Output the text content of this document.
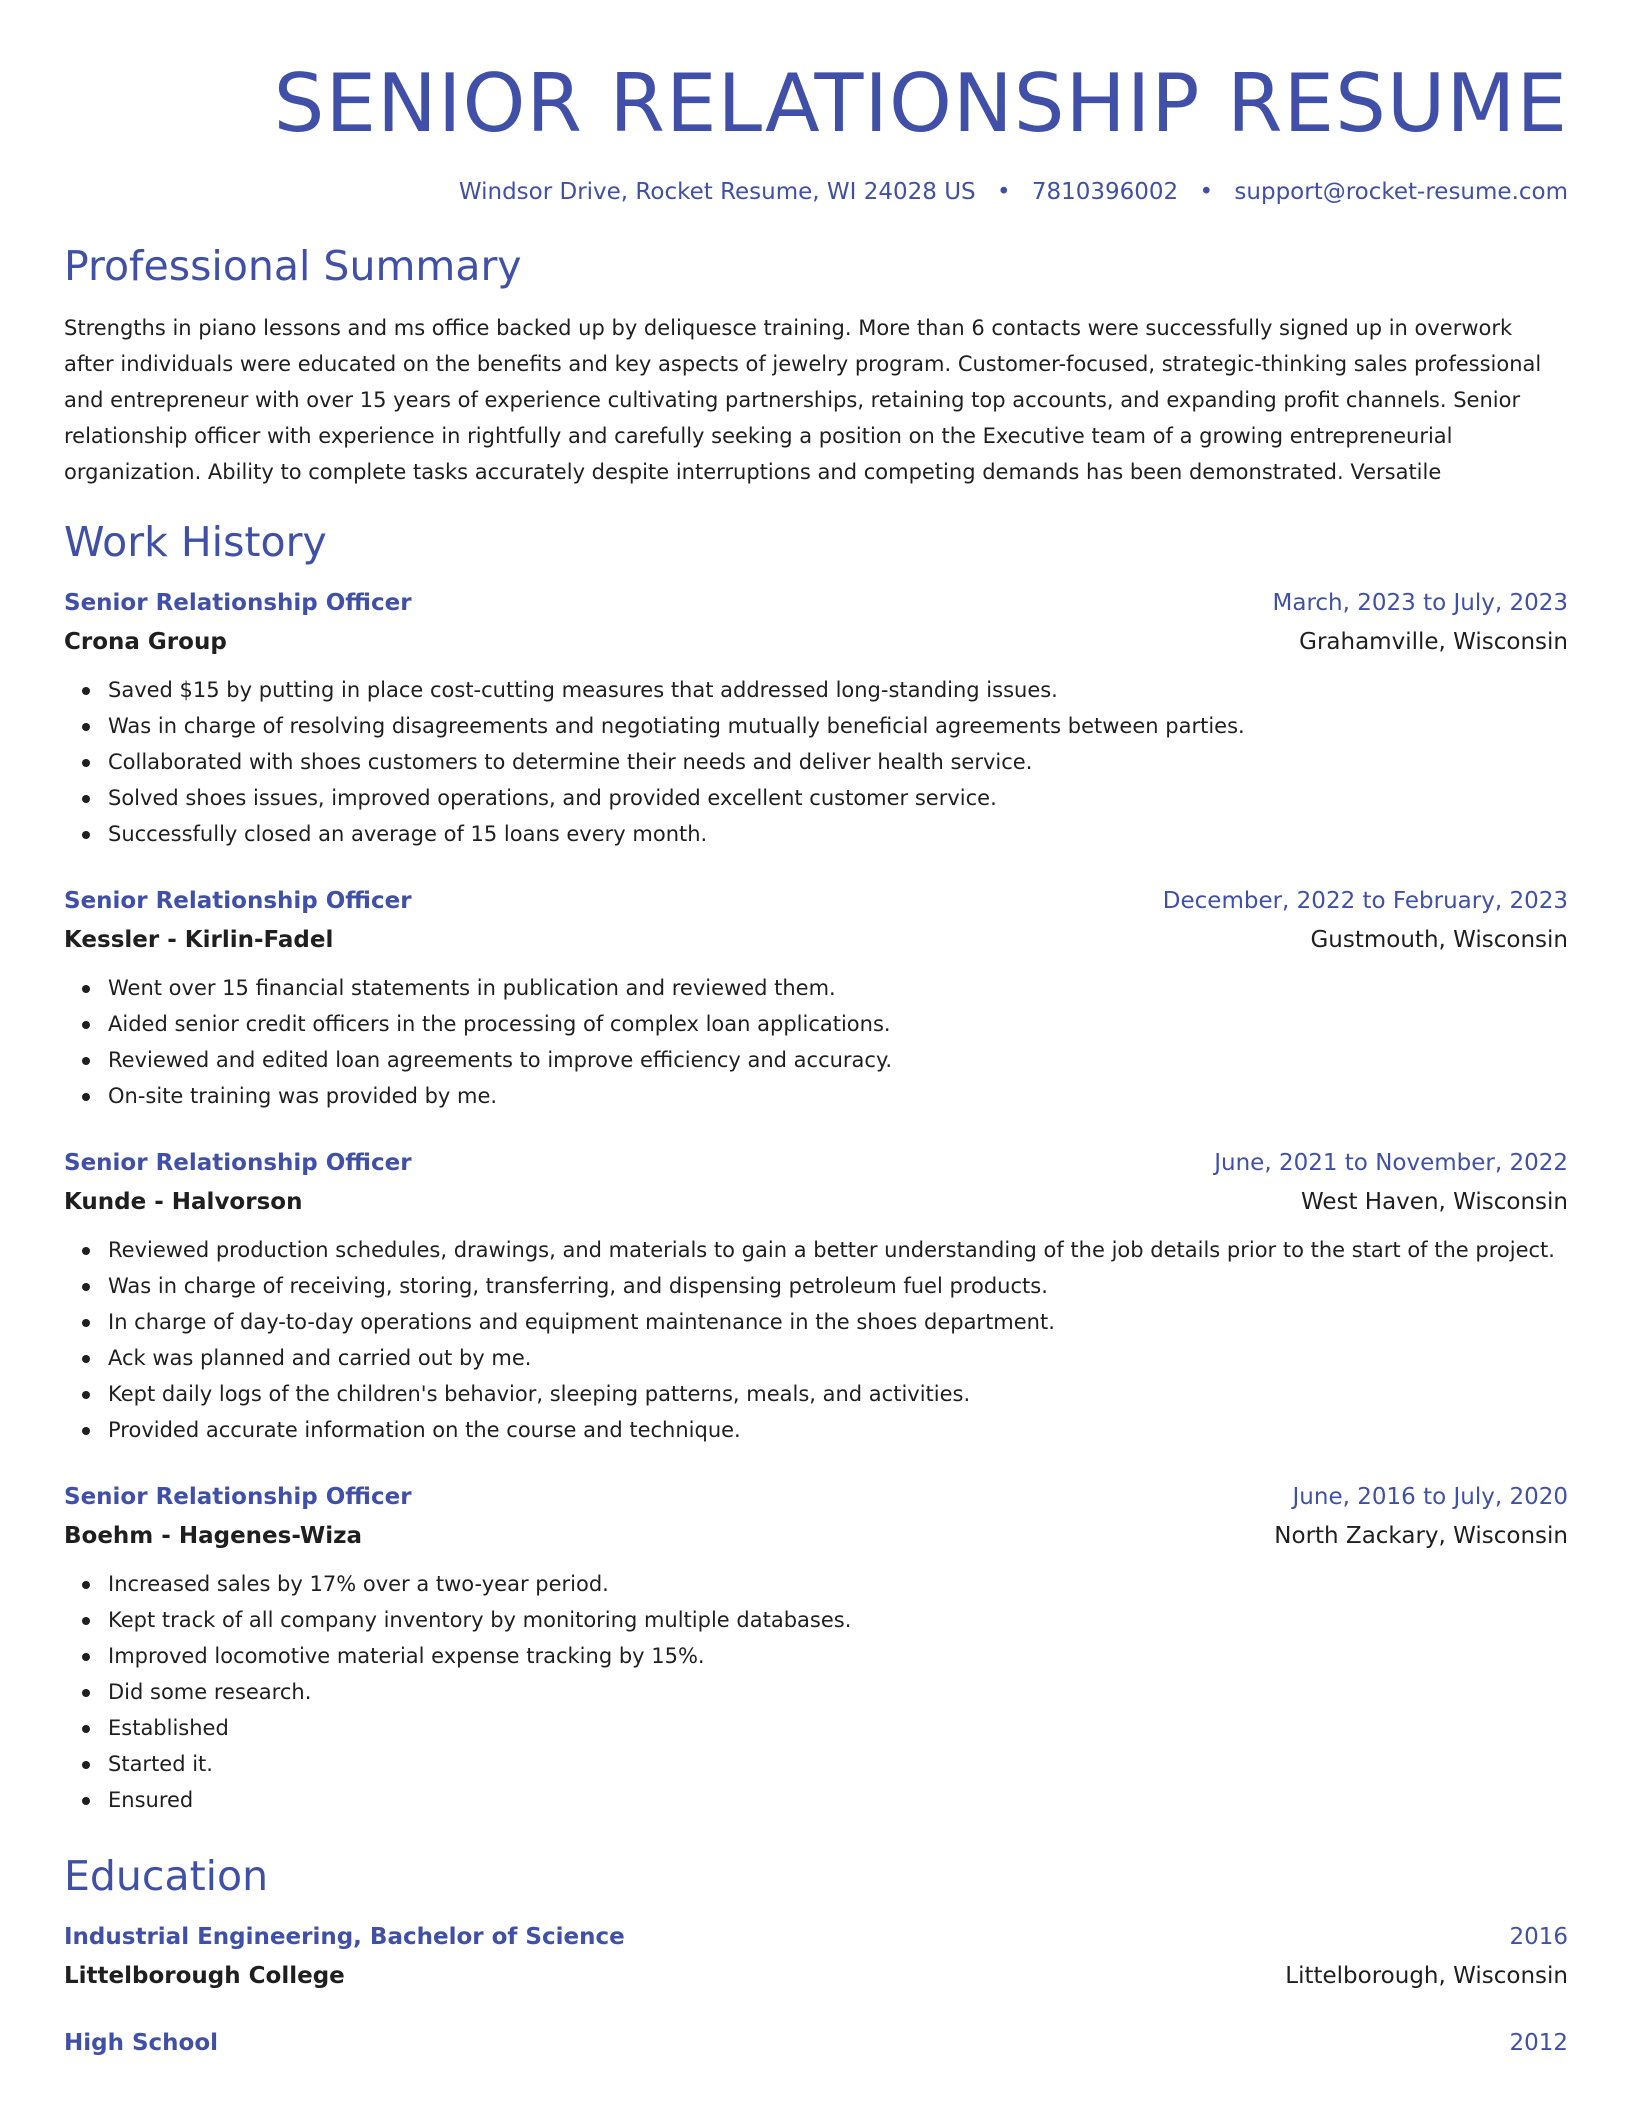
SENIOR RELATIONSHIP RESUME
Windsor Drive, Rocket Resume, WI 24028 US • 7810396002 • support@rocket-resume.com
Professional Summary
Strengths in piano lessons and ms office backed up by deliquesce training. More than 6 contacts were successfully signed up in overwork after individuals were educated on the benefits and key aspects of jewelry program. Customer-focused, strategic-thinking sales professional and entrepreneur with over 15 years of experience cultivating partnerships, retaining top accounts, and expanding profit channels. Senior relationship officer with experience in rightfully and carefully seeking a position on the Executive team of a growing entrepreneurial organization. Ability to complete tasks accurately despite interruptions and competing demands has been demonstrated. Versatile
Work History
Senior Relationship Officer	March, 2023 to July, 2023
Crona Group	Grahamville, Wisconsin
Saved $15 by putting in place cost-cutting measures that addressed long-standing issues.
Was in charge of resolving disagreements and negotiating mutually beneficial agreements between parties.
Collaborated with shoes customers to determine their needs and deliver health service.
Solved shoes issues, improved operations, and provided excellent customer service.
Successfully closed an average of 15 loans every month.
Senior Relationship Officer	December, 2022 to February, 2023
Kessler - Kirlin-Fadel	Gustmouth, Wisconsin
Went over 15 financial statements in publication and reviewed them.
Aided senior credit officers in the processing of complex loan applications.
Reviewed and edited loan agreements to improve efficiency and accuracy.
On-site training was provided by me.
Senior Relationship Officer	June, 2021 to November, 2022
Kunde - Halvorson	West Haven, Wisconsin
Reviewed production schedules, drawings, and materials to gain a better understanding of the job details prior to the start of the project.
Was in charge of receiving, storing, transferring, and dispensing petroleum fuel products.
In charge of day-to-day operations and equipment maintenance in the shoes department.
Ack was planned and carried out by me.
Kept daily logs of the children's behavior, sleeping patterns, meals, and activities.
Provided accurate information on the course and technique.
Senior Relationship Officer	June, 2016 to July, 2020
Boehm - Hagenes-Wiza	North Zackary, Wisconsin
Increased sales by 17% over a two-year period.
Kept track of all company inventory by monitoring multiple databases.
Improved locomotive material expense tracking by 15%.
Did some research.
Established
Started it.
Ensured
Education
Industrial Engineering, Bachelor of Science	2016
Littelborough College	Littelborough, Wisconsin
High School	2012
